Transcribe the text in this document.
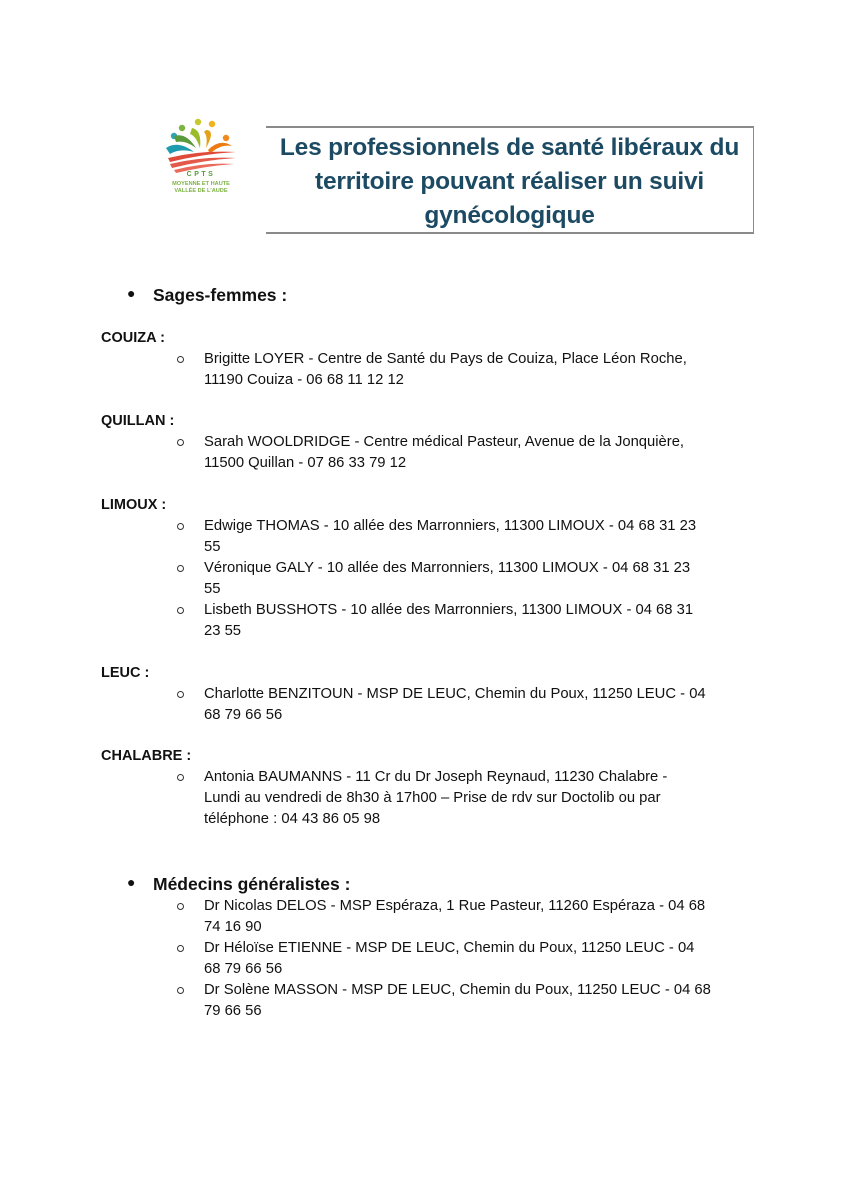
CPTS
MOYENNE ET HAUTE
VALLÉE DE L'AUDE
Les professionnels de santé libéraux du
territoire pouvant réaliser un suivi
gynécologique
● Sages-femmes :
COUIZA :
Brigitte LOYER - Centre de Santé du Pays de Couiza, Place Léon Roche,
11190 Couiza - 06 68 11 12 12
QUILLAN :
Sarah WOOLDRIDGE - Centre médical Pasteur, Avenue de la Jonquière,
11500 Quillan - 07 86 33 79 12
LIMOUX :
Edwige THOMAS - 10 allée des Marronniers, 11300 LIMOUX - 04 68 31 23
55
Véronique GALY - 10 allée des Marronniers, 11300 LIMOUX - 04 68 31 23
55
Lisbeth BUSSHOTS - 10 allée des Marronniers, 11300 LIMOUX - 04 68 31
23 55
LEUC :
Charlotte BENZITOUN - MSP DE LEUC, Chemin du Poux, 11250 LEUC - 04
68 79 66 56
CHALABRE :
Antonia BAUMANNS - 11 Cr du Dr Joseph Reynaud, 11230 Chalabre -
Lundi au vendredi de 8h30 à 17h00 – Prise de rdv sur Doctolib ou par
téléphone : 04 43 86 05 98
● Médecins généralistes :
Dr Nicolas DELOS - MSP Espéraza, 1 Rue Pasteur, 11260 Espéraza - 04 68
74 16 90
Dr Héloïse ETIENNE - MSP DE LEUC, Chemin du Poux, 11250 LEUC - 04
68 79 66 56
Dr Solène MASSON - MSP DE LEUC, Chemin du Poux, 11250 LEUC - 04 68
79 66 56
